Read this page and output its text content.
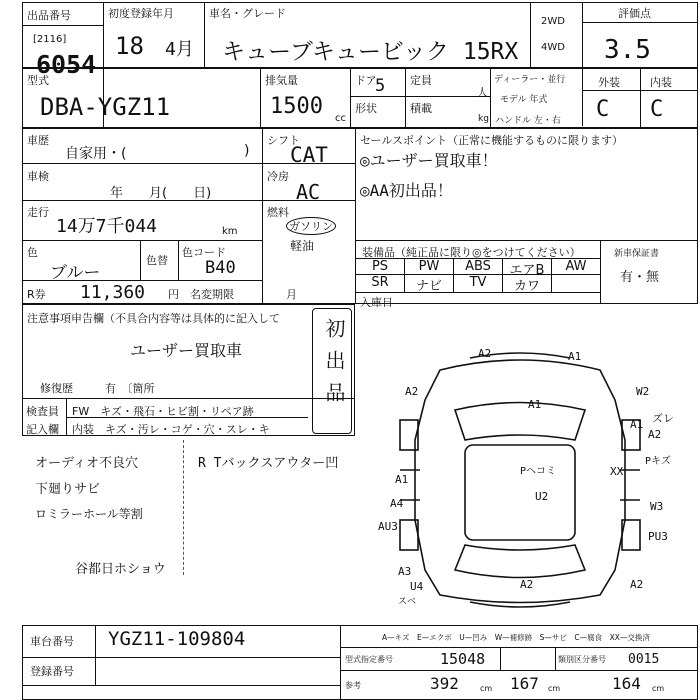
出品番号
[2116]
6054
初度登録年月
18 4月
車名・グレード
キューブキュービック 15RX
2WD
4WD
評価点
3.5
型式
DBA-YGZ11
排気量
1500 cc
ドア
5 定員
人
形状	積載
kg
ディーラー・並行
モデル 年式
ハンドル 左・右
外装	内装
C C
車歴
自家用・(	)
車検
年　　月(　　日)
走行
14万7千044	km
色
ブルー
色替
色コード
B40
R券 11,360 円 名変期限	月
シフト
CAT
冷房
AC
燃料
ガソリン
軽油
セールスポイント（正常に機能するものに限ります）
◎ユーザー買取車！
◎AA初出品！
装備品（純正品に限り◎をつけてください）	新車保証書
有・無
入庫日
PS	PW	ABS	エアB	AW
SR	ナビ	TV	カワ
注意事項申告欄（不具合内容等は具体的に記入して
ユーザー買取車	初出品
修復歴	有　〔箇所
検査員
記入欄
FW　キズ・飛石・ヒビ割・リペア跡
内装　キズ・汚レ・コゲ・穴・スレ・キ
オーディオ不良穴
下廻りサビ
ロミラーホール等割
谷都日ホショウ
R Tバックスアウター凹
A2	A1
A2	W2
A1
ズレ
A2
A1
XX
Pヘコミ
Pキズ
A1
U2
A4
AU3
W3
PU3
A3
U4	A2	A2
スベ
車台番号 YGZ11-109804
登録番号
A—キズ　E—エクボ　U—凹み　W—補修跡　S—サビ　C—腐食　XX—交換済
型式指定番号	15048	類別区分番号 0015
参考	392	cm 167 cm	164 cm
